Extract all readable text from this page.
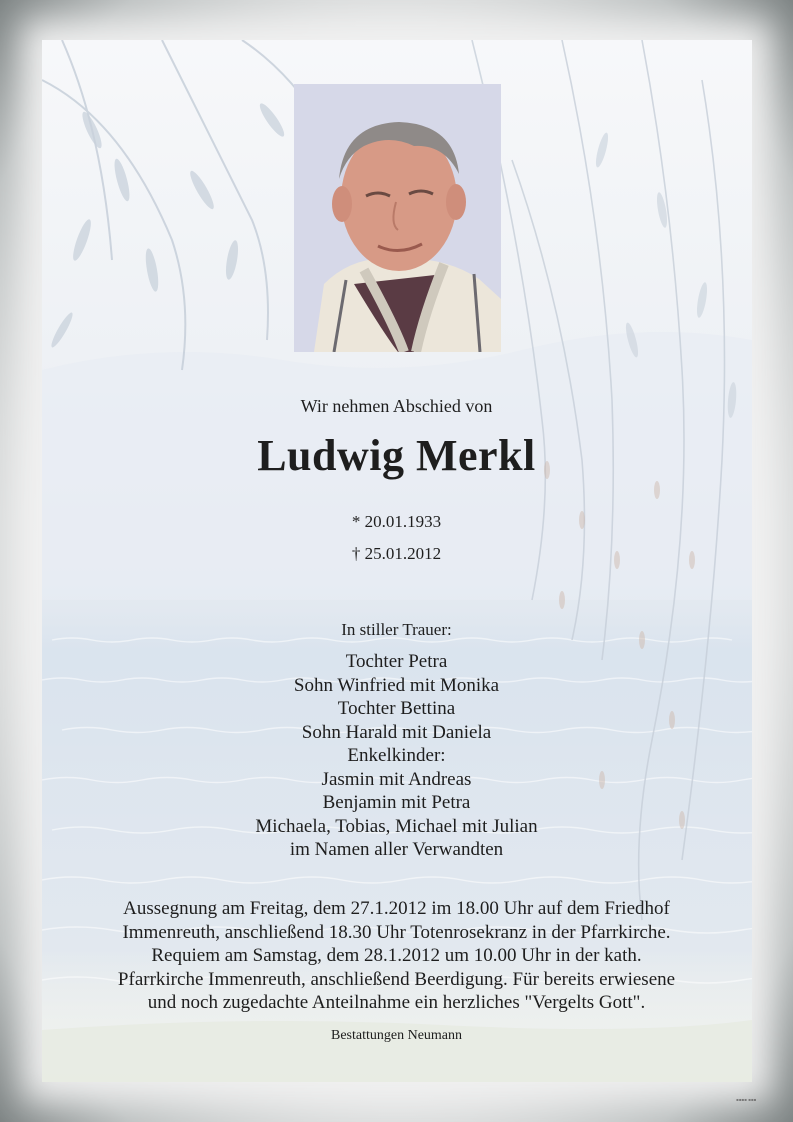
Wir nehmen Abschied von
Ludwig Merkl
* 20.01.1933
† 25.01.2012
In stiller Trauer:
Tochter Petra
Sohn Winfried mit Monika
Tochter Bettina
Sohn Harald mit Daniela
Enkelkinder:
Jasmin mit Andreas
Benjamin mit Petra
Michaela, Tobias, Michael mit Julian
im Namen aller Verwandten
Aussegnung am Freitag, dem 27.1.2012 im 18.00 Uhr auf dem Friedhof
Immenreuth, anschließend 18.30 Uhr Totenrosekranz in der Pfarrkirche.
Requiem am Samstag, dem 28.1.2012 um 10.00 Uhr in der kath.
Pfarrkirche Immenreuth, anschließend Beerdigung. Für bereits erwiesene
und noch zugedachte Anteilnahme ein herzliches "Vergelts Gott".
Bestattungen Neumann
▪▪▪▪ ▪▪▪
